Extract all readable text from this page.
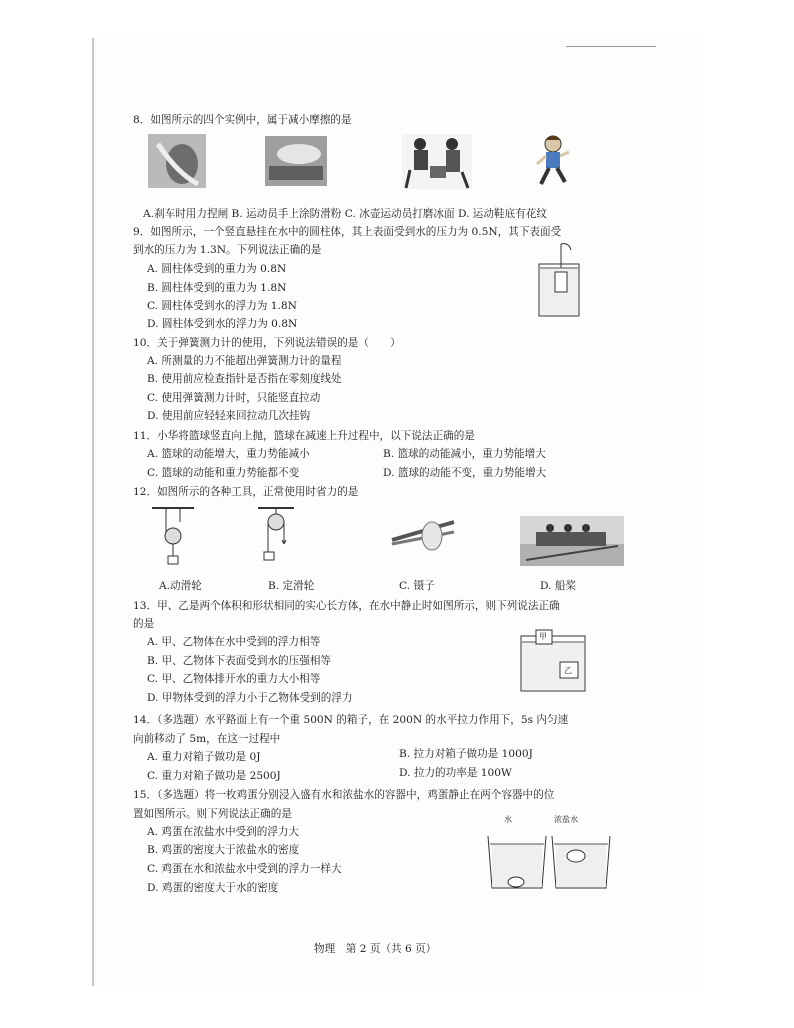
8．如图所示的四个实例中，属于减小摩擦的是
A.刹车时用力捏闸 B. 运动员手上涂防滑粉 C. 冰壶运动员打磨冰面 D. 运动鞋底有花纹
9．如图所示，一个竖直悬挂在水中的圆柱体，其上表面受到水的压力为 0.5N，其下表面受
到水的压力为 1.3N。下列说法正确的是
A. 圆柱体受到的重力为 0.8N
B. 圆柱体受到的重力为 1.8N
C. 圆柱体受到水的浮力为 1.8N
D. 圆柱体受到水的浮力为 0.8N
10．关于弹簧测力计的使用，下列说法错误的是（　　）
A. 所测量的力不能超出弹簧测力计的量程
B. 使用前应检查指针是否指在零刻度线处
C. 使用弹簧测力计时，只能竖直拉动
D. 使用前应轻轻来回拉动几次挂钩
11．小华将篮球竖直向上抛，篮球在减速上升过程中，以下说法正确的是
A. 篮球的动能增大，重力势能减小	B. 篮球的动能减小，重力势能增大
C. 篮球的动能和重力势能都不变	D. 篮球的动能不变，重力势能增大
12．如图所示的各种工具，正常使用时省力的是
A.动滑轮	B. 定滑轮	C. 镊子	D. 船桨
13．甲、乙是两个体积和形状相同的实心长方体，在水中静止时如图所示，则下列说法正确
的是
A. 甲、乙物体在水中受到的浮力相等
B. 甲、乙物体下表面受到水的压强相等
C. 甲、乙物体排开水的重力大小相等
D. 甲物体受到的浮力小于乙物体受到的浮力
甲
乙
14．（多选题）水平路面上有一个重 500N 的箱子，在 200N 的水平拉力作用下，5s 内匀速
向前移动了 5m，在这一过程中
A. 重力对箱子做功是 0J	B. 拉力对箱子做功是 1000J
C. 重力对箱子做功是 2500J	D. 拉力的功率是 100W
15．（多选题）将一枚鸡蛋分别浸入盛有水和浓盐水的容器中，鸡蛋静止在两个容器中的位
置如图所示。则下列说法正确的是
A. 鸡蛋在浓盐水中受到的浮力大
B. 鸡蛋的密度大于浓盐水的密度
C. 鸡蛋在水和浓盐水中受到的浮力一样大
D. 鸡蛋的密度大于水的密度
水	浓盐水
物理　第 2 页（共 6 页）
